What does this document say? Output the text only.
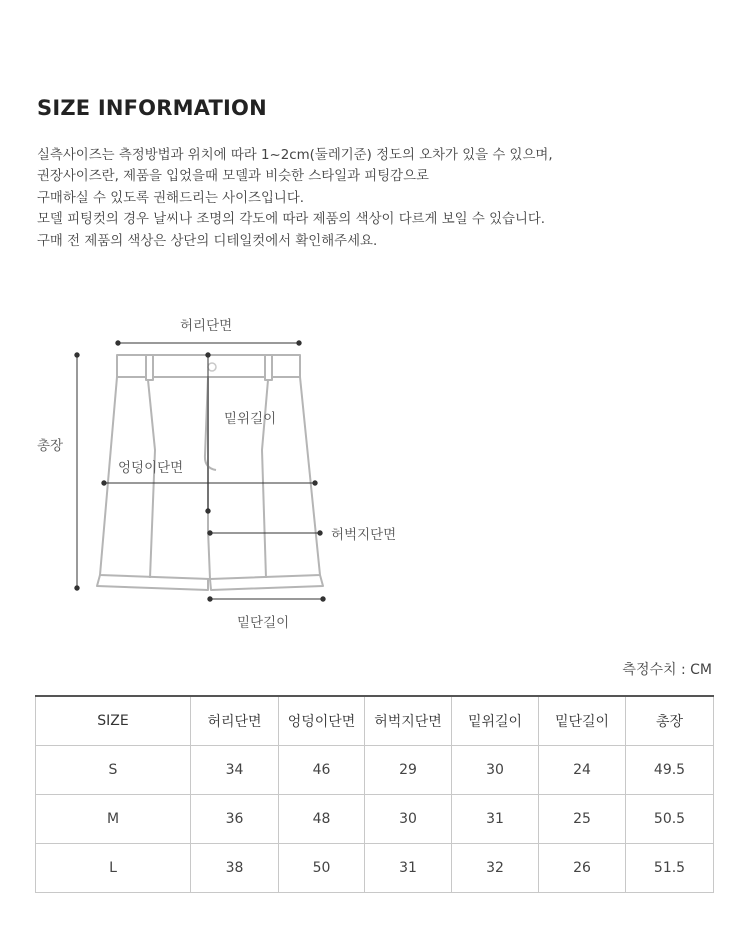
SIZE INFORMATION
실측사이즈는 측정방법과 위치에 따라 1~2cm(둘레기준) 정도의 오차가 있을 수 있으며,
권장사이즈란, 제품을 입었을때 모델과 비슷한 스타일과 피팅감으로
구매하실 수 있도록 권해드리는 사이즈입니다.
모델 피팅컷의 경우 날씨나 조명의 각도에 따라 제품의 색상이 다르게 보일 수 있습니다.
구매 전 제품의 색상은 상단의 디테일컷에서 확인해주세요.
허리단면
총장
밑위길이
엉덩이단면
허벅지단면
밑단길이
측정수치 : CM
SIZE	허리단면	엉덩이단면	허벅지단면	밑위길이	밑단길이	총장
S	34	46	29	30	24	49.5
M	36	48	30	31	25	50.5
L	38	50	31	32	26	51.5
